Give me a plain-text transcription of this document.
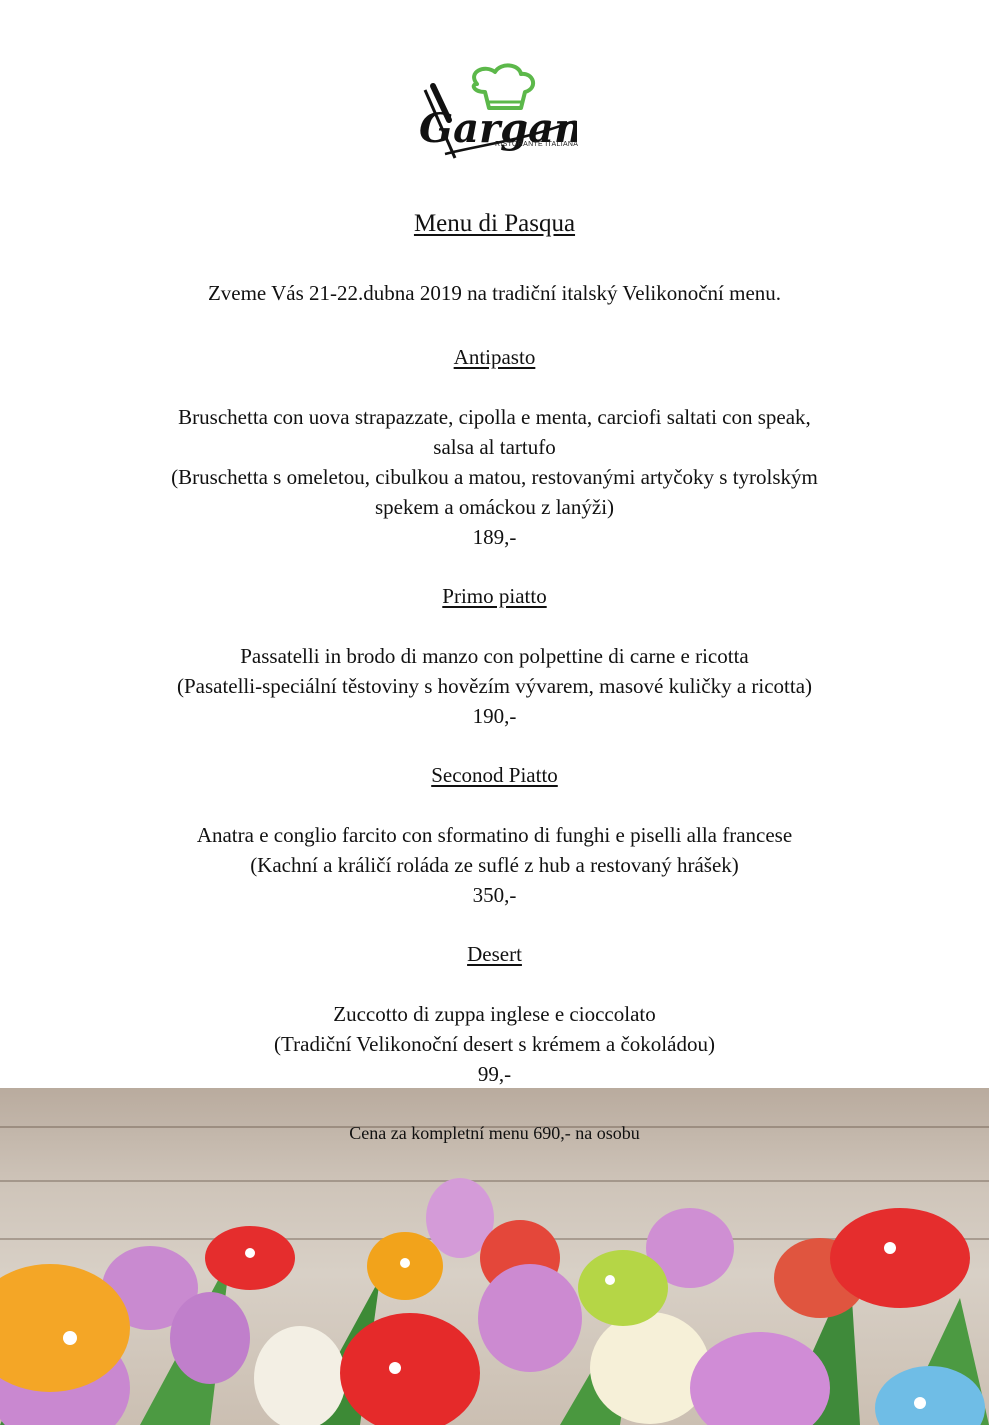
Garga
RISTORANTE ITALIANA
Menu di Pasqua
Zveme Vás 21-22.dubna 2019 na tradiční italský Velikonoční menu.

Antipasto

Bruschetta con uova strapazzate, cipolla e menta, carciofi saltati con speak,

salsa al tartufo

(Bruschetta s omeletou, cibulkou a matou, restovanými artyčoky s tyrolským

spekem a omáckou z lanýži)

189,-

Primo piatto

Passatelli in brodo di manzo con polpettine di carne e ricotta

(Pasatelli-speciální těstoviny s hovězím vývarem, masové kuličky a ricotta)

190,-

Seconod Piatto

Anatra e conglio farcito con sformatino di funghi e piselli alla francese

(Kachní a králičí roláda ze suflé z hub a restovaný hrášek)

350,-

Desert

Zuccotto di zuppa inglese e cioccolato

(Tradiční Velikonoční desert s krémem a čokoládou)

99,-

Cena za kompletní menu 690,- na osobu
